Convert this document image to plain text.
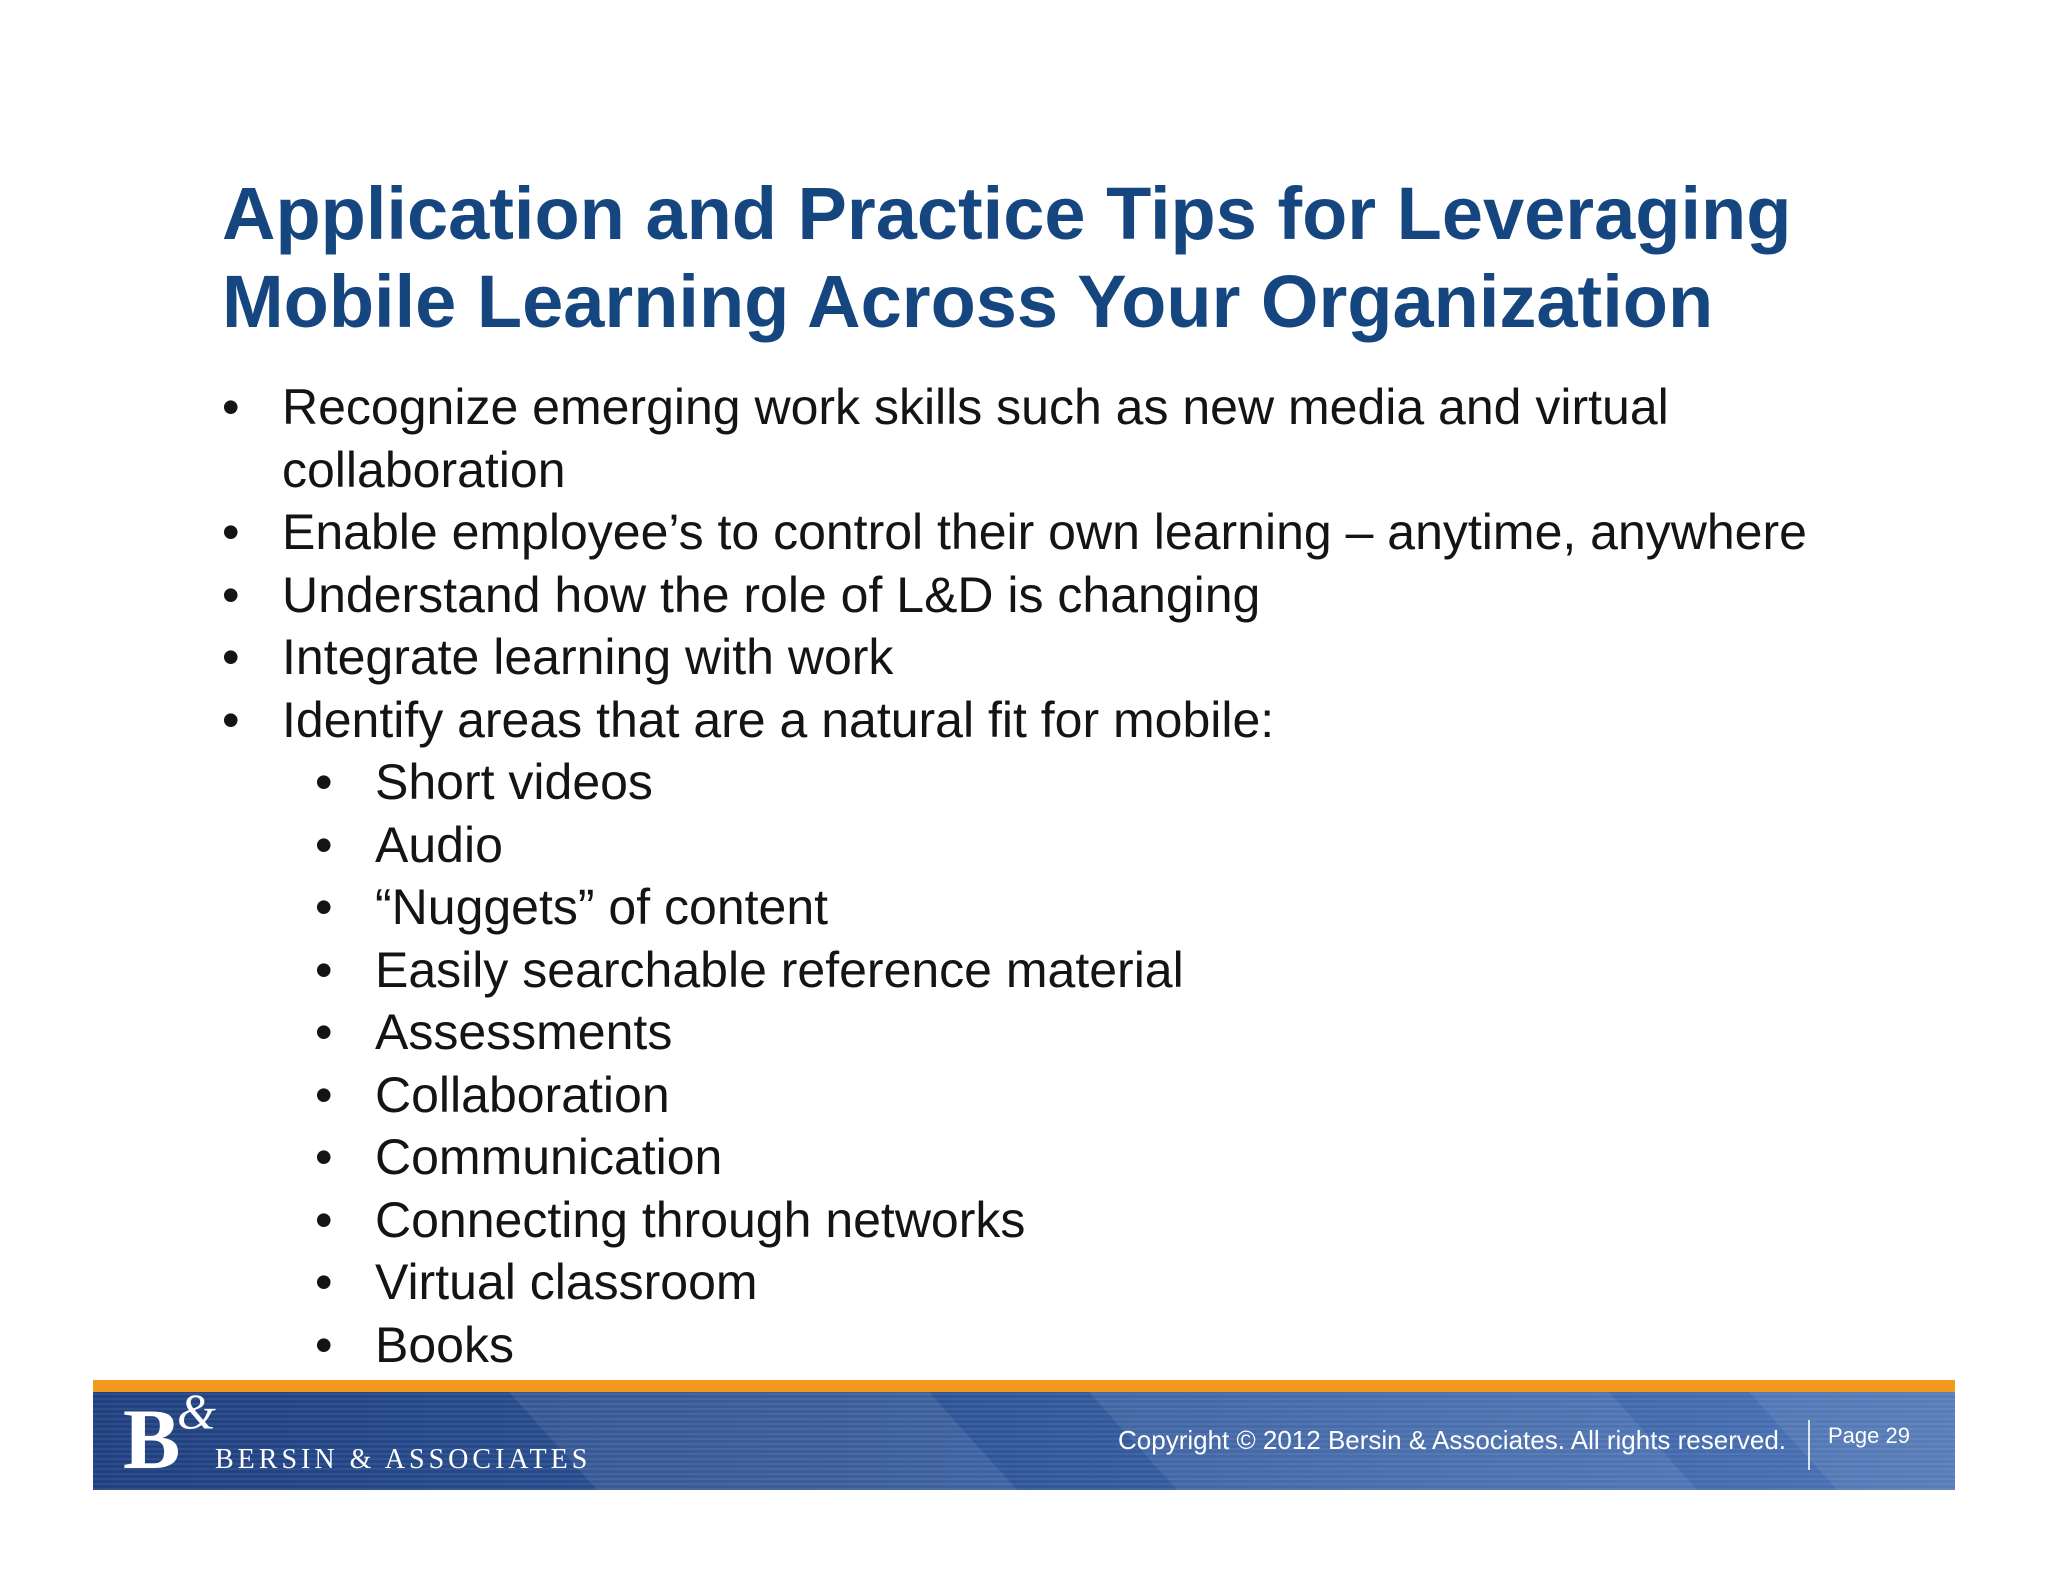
Application and Practice Tips for Leveraging
Mobile Learning Across Your Organization
• Recognize emerging work skills such as new media and virtual
collaboration
• Enable employee’s to control their own learning – anytime, anywhere
• Understand how the role of L&D is changing
• Integrate learning with work
• Identify areas that are a natural fit for mobile:
• Short videos
• Audio
• “Nuggets” of content
• Easily searchable reference material
• Assessments
• Collaboration
• Communication
• Connecting through networks
• Virtual classroom
• Books
B
&
BERSIN & ASSOCIATES
Copyright © 2012 Bersin & Associates. All rights reserved. Page 29
